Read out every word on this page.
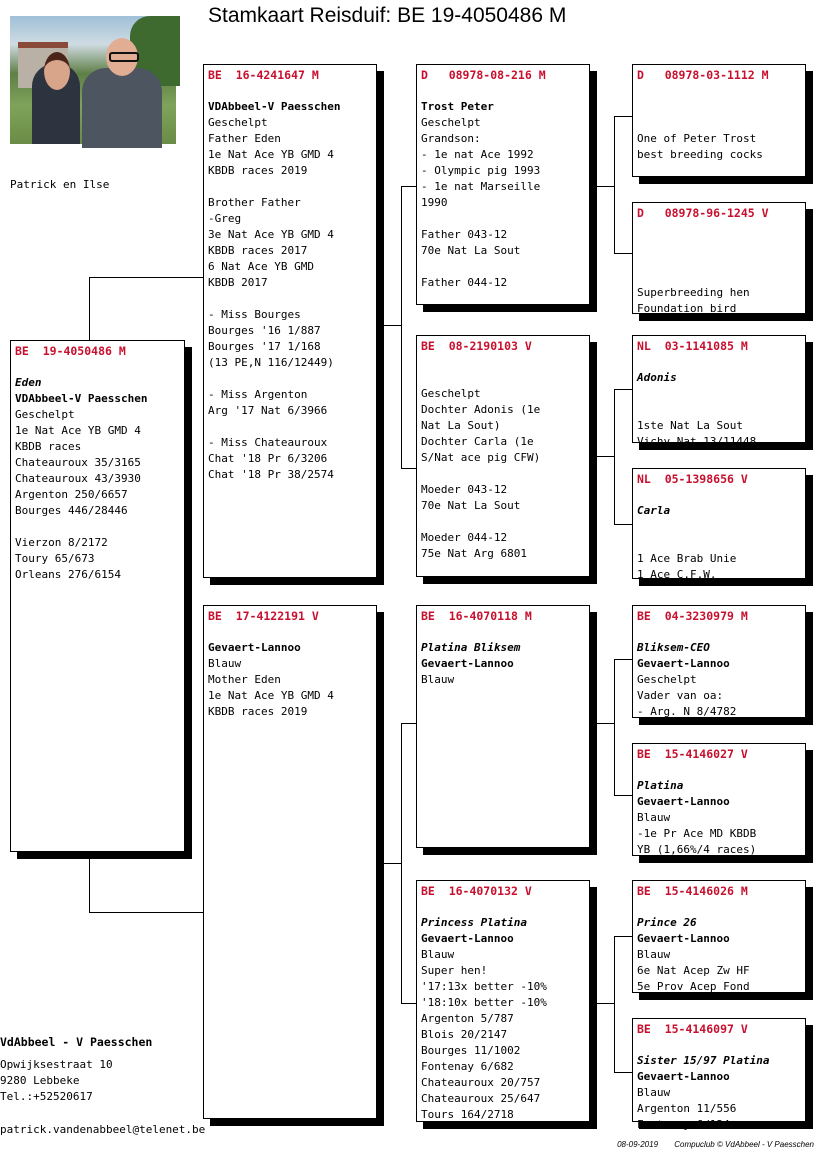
Stamkaart Reisduif: BE 19-4050486 M
Patrick en Ilse
BE  19-4050486 M
Eden
VDAbbeel-V Paesschen
Geschelpt
1e Nat Ace YB GMD 4
KBDB races
Chateauroux 35/3165
Chateauroux 43/3930
Argenton 250/6657
Bourges 446/28446
Vierzon 8/2172
Toury 65/673
Orleans 276/6154
BE  16-4241647 M
VDAbbeel-V Paesschen
Geschelpt
Father Eden
1e Nat Ace YB GMD 4
KBDB races 2019
Brother Father
-Greg
3e Nat Ace YB GMD 4
KBDB races 2017
6 Nat Ace YB GMD
KBDB 2017
- Miss Bourges
Bourges '16 1/887
Bourges '17 1/168
(13 PE,N 116/12449)
- Miss Argenton
Arg '17 Nat 6/3966
- Miss Chateauroux
Chat '18 Pr 6/3206
Chat '18 Pr 38/2574
BE  17-4122191 V
Gevaert-Lannoo
Blauw
Mother Eden
1e Nat Ace YB GMD 4
KBDB races 2019
D   08978-08-216 M
Trost Peter
Geschelpt
Grandson:
- 1e nat Ace 1992
- Olympic pig 1993
- 1e nat Marseille
1990
Father 043-12
70e Nat La Sout
Father 044-12
BE  08-2190103 V
Geschelpt
Dochter Adonis (1e
Nat La Sout)
Dochter Carla (1e
S/Nat ace pig CFW)
Moeder 043-12
70e Nat La Sout
Moeder 044-12
75e Nat Arg 6801
BE  16-4070118 M
Platina Bliksem
Gevaert-Lannoo
Blauw
BE  16-4070132 V
Princess Platina
Gevaert-Lannoo
Blauw
Super hen!
'17:13x better -10%
'18:10x better -10%
Argenton 5/787
Blois 20/2147
Bourges 11/1002
Fontenay 6/682
Chateauroux 20/757
Chateauroux 25/647
Tours 164/2718
D   08978-03-1112 M
One of Peter Trost
best breeding cocks
D   08978-96-1245 V
Superbreeding hen
Foundation bird
NL  03-1141085 M
Adonis
1ste Nat La Sout
Vichy Nat 13/11448
NL  05-1398656 V
Carla
1 Ace Brab Unie
1 Ace C.F.W.
BE  04-3230979 M
Bliksem-CEO
Gevaert-Lannoo
Geschelpt
Vader van oa:
- Arg. N 8/4782
BE  15-4146027 V
Platina
Gevaert-Lannoo
Blauw
-1e Pr Ace MD KBDB
YB (1,66%/4 races)
BE  15-4146026 M
Prince 26
Gevaert-Lannoo
Blauw
6e Nat Acep Zw HF
5e Prov Acep Fond
BE  15-4146097 V
Sister 15/97 Platina
Gevaert-Lannoo
Blauw
Argenton 11/556
Fontenay 6/124
VdAbbeel - V Paesschen
Opwijksestraat 10
9280 Lebbeke
Tel.:+52520617
patrick.vandenabbeel@telenet.be
08-09-2019 Compuclub © VdAbbeel - V Paesschen
